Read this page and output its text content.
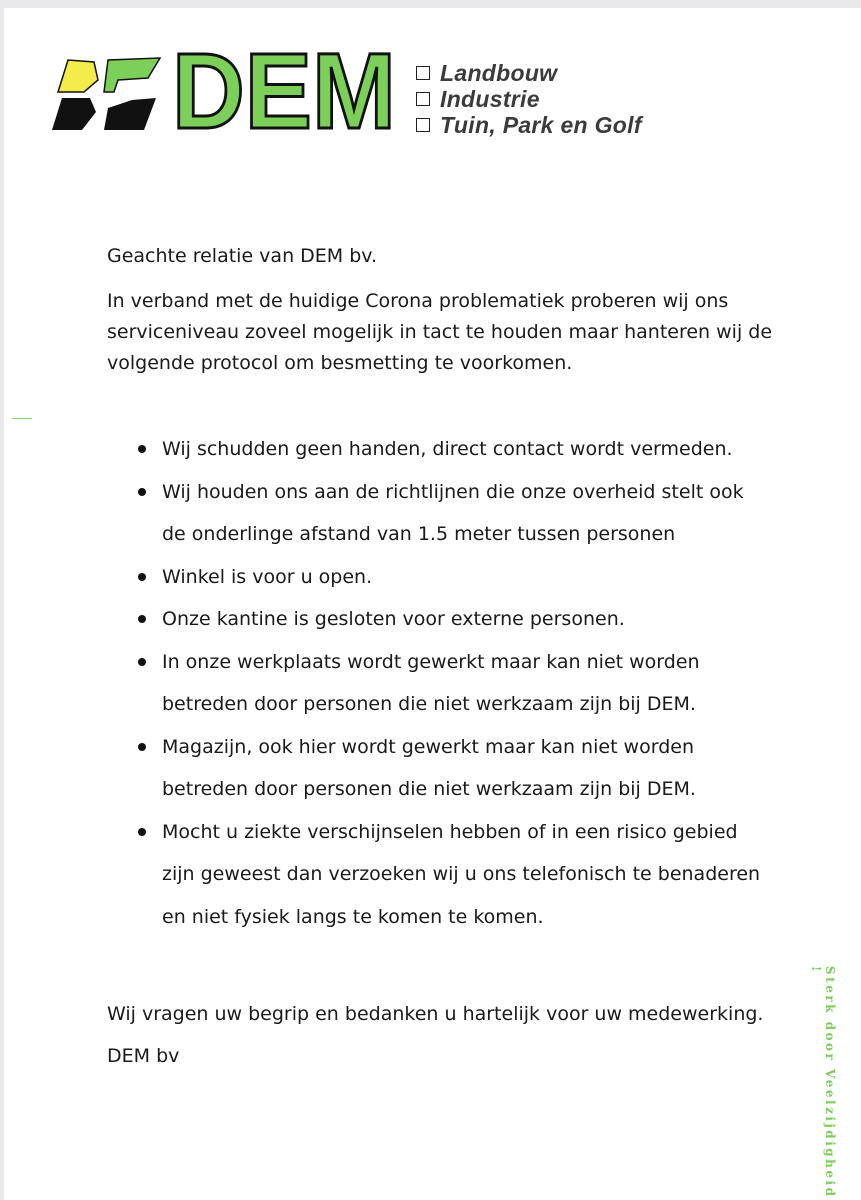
DEM Landbouw
Industrie
Tuin, Park en Golf

Geachte relatie van DEM bv.

In verband met de huidige Corona problematiek proberen wij ons serviceniveau zoveel mogelijk in tact te houden maar hanteren wij de volgende protocol om besmetting te voorkomen.

Wij schudden geen handen, direct contact wordt vermeden.
Wij houden ons aan de richtlijnen die onze overheid stelt ook
de onderlinge afstand van 1.5 meter tussen personen
Winkel is voor u open.
Onze kantine is gesloten voor externe personen.
In onze werkplaats wordt gewerkt maar kan niet worden
betreden door personen die niet werkzaam zijn bij DEM.
Magazijn, ook hier wordt gewerkt maar kan niet worden
betreden door personen die niet werkzaam zijn bij DEM.
Mocht u ziekte verschijnselen hebben of in een risico gebied
zijn geweest dan verzoeken wij u ons telefonisch te benaderen
en niet fysiek langs te komen te komen.

Wij vragen uw begrip en bedanken u hartelijk voor uw medewerking.

DEM bv	Sterk door Veelzijdigheid !
